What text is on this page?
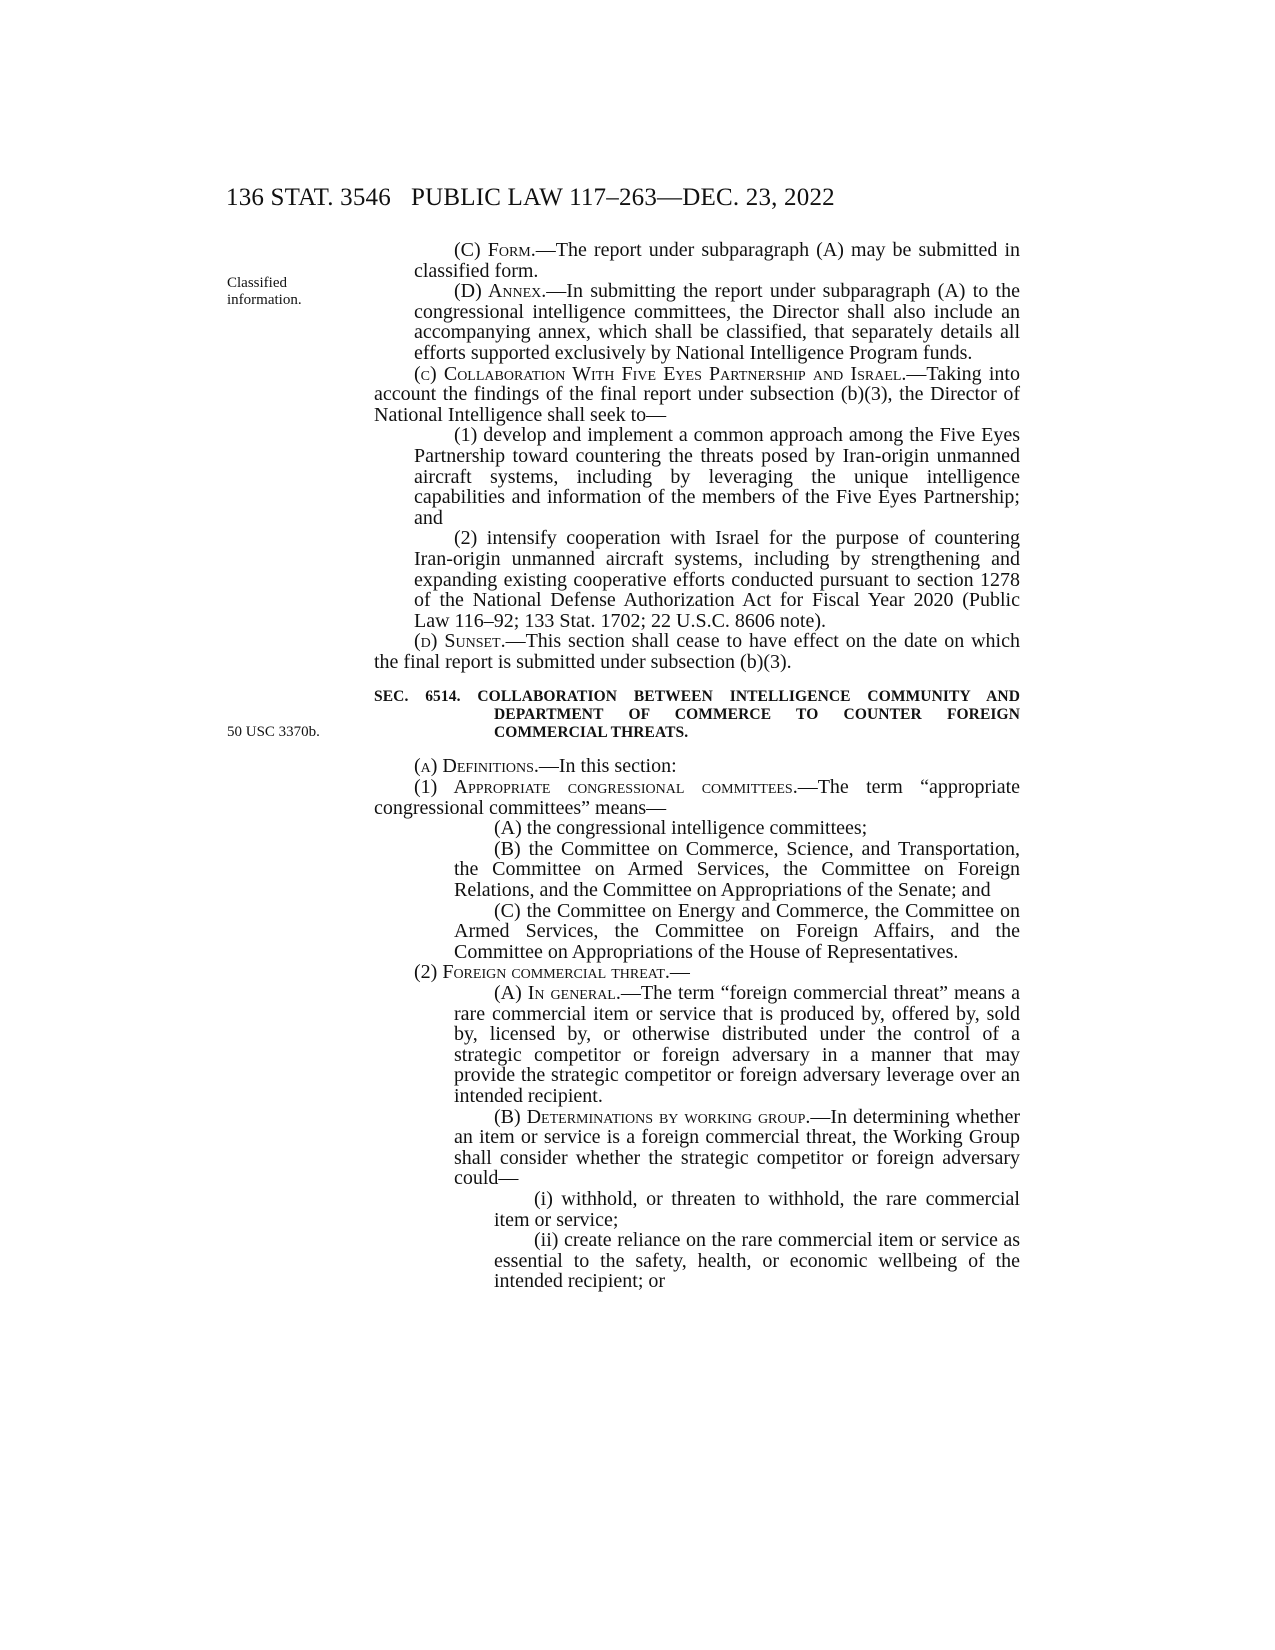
136 STAT. 3546 PUBLIC LAW 117–263—DEC. 23, 2022
Classified
information.
50 USC 3370b.

(C) Form.—The report under subparagraph (A) may be submitted in classified form.

(D) Annex.—In submitting the report under subparagraph (A) to the congressional intelligence committees, the Director shall also include an accompanying annex, which shall be classified, that separately details all efforts supported exclusively by National Intelligence Program funds.

(c) Collaboration With Five Eyes Partnership and Israel.—Taking into account the findings of the final report under subsection (b)(3), the Director of National Intelligence shall seek to—

(1) develop and implement a common approach among the Five Eyes Partnership toward countering the threats posed by Iran-origin unmanned aircraft systems, including by leveraging the unique intelligence capabilities and information of the members of the Five Eyes Partnership; and

(2) intensify cooperation with Israel for the purpose of countering Iran-origin unmanned aircraft systems, including by strengthening and expanding existing cooperative efforts conducted pursuant to section 1278 of the National Defense Authorization Act for Fiscal Year 2020 (Public Law 116–92; 133 Stat. 1702; 22 U.S.C. 8606 note).

(d) Sunset.—This section shall cease to have effect on the date on which the final report is submitted under subsection (b)(3).

SEC. 6514. COLLABORATION BETWEEN INTELLIGENCE COMMUNITY AND DEPARTMENT OF COMMERCE TO COUNTER FOREIGN COMMERCIAL THREATS.

(a) Definitions.—In this section:

(1) Appropriate congressional committees.—The term “appropriate congressional committees” means—

(A) the congressional intelligence committees;

(B) the Committee on Commerce, Science, and Transportation, the Committee on Armed Services, the Committee on Foreign Relations, and the Committee on Appropriations of the Senate; and

(C) the Committee on Energy and Commerce, the Committee on Armed Services, the Committee on Foreign Affairs, and the Committee on Appropriations of the House of Representatives.

(2) Foreign commercial threat.—

(A) In general.—The term “foreign commercial threat” means a rare commercial item or service that is produced by, offered by, sold by, licensed by, or otherwise distributed under the control of a strategic competitor or foreign adversary in a manner that may provide the strategic competitor or foreign adversary leverage over an intended recipient.

(B) Determinations by working group.—In determining whether an item or service is a foreign commercial threat, the Working Group shall consider whether the strategic competitor or foreign adversary could—

(i) withhold, or threaten to withhold, the rare commercial item or service;

(ii) create reliance on the rare commercial item or service as essential to the safety, health, or economic wellbeing of the intended recipient; or
